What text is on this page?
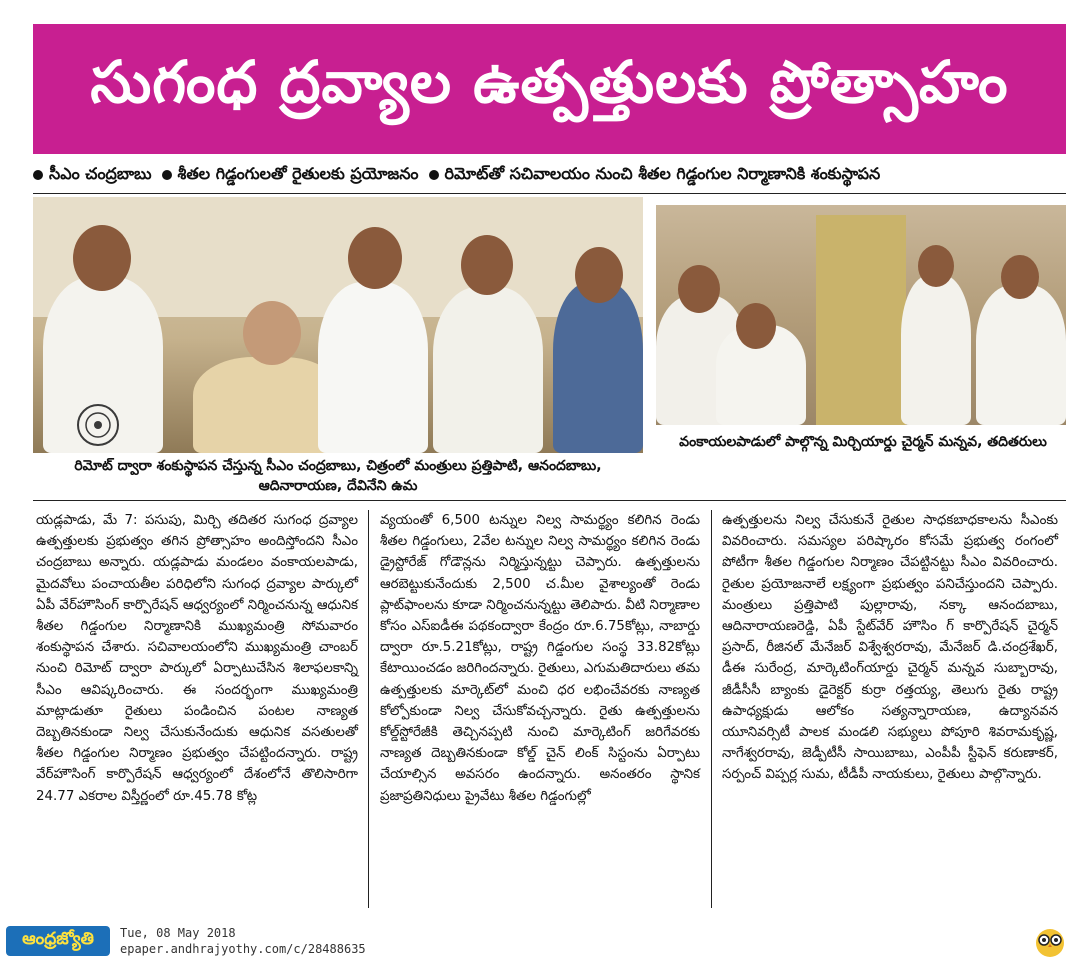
సుగంధ ద్రవ్యాల ఉత్పత్తులకు ప్రోత్సాహం
సీఎం చంద్రబాబు శీతల గిడ్డంగులతో రైతులకు ప్రయోజనం రిమోట్‌తో సచివాలయం నుంచి శీతల గిడ్డంగుల నిర్మాణానికి శంకుస్థాపన
రిమోట్ ద్వారా శంకుస్థాపన చేస్తున్న సీఎం చంద్రబాబు, చిత్రంలో మంత్రులు ప్రత్తిపాటి, ఆనందబాబు, ఆదినారాయణ, దేవినేని ఉమ
వంకాయలపాడులో పాల్గొన్న మిర్చియార్డు చైర్మన్ మన్నవ, తదితరులు

యడ్లపాడు, మే 7: పసుపు, మిర్చి తదితర సుగంధ ద్రవ్యాల ఉత్పత్తులకు ప్రభుత్వం తగిన ప్రోత్సాహం అందిస్తోందని సీఎం చంద్రబాబు అన్నారు. యడ్లపాడు మండలం వంకాయలపాడు, మైదవోలు పంచాయతీల పరిధిలోని సుగంధ ద్రవ్యాల పార్కులో ఏపీ వేర్‌హౌసింగ్ కార్పొరేషన్ ఆధ్వర్యంలో నిర్మించనున్న ఆధునిక శీతల గిడ్డంగుల నిర్మాణానికి ముఖ్యమంత్రి సోమవారం శంకుస్థాపన చేశారు. సచివాలయంలోని ముఖ్యమంత్రి చాంబర్ నుంచి రిమోట్ ద్వారా పార్కులో ఏర్పాటుచేసిన శిలాఫలకాన్ని సీఎం ఆవిష్కరించారు. ఈ సందర్భంగా ముఖ్యమంత్రి మాట్లాడుతూ రైతులు పండించిన పంటల నాణ్యత దెబ్బతినకుండా నిల్వ చేసుకునేందుకు ఆధునిక వసతులతో శీతల గిడ్డంగుల నిర్మాణం ప్రభుత్వం చేపట్టిందన్నారు. రాష్ట్ర వేర్‌హౌసింగ్ కార్పొరేషన్ ఆధ్వర్యంలో దేశంలోనే తొలిసారిగా 24.77 ఎకరాల విస్తీర్ణంలో రూ.45.78 కోట్ల

వ్యయంతో 6,500 టన్నుల నిల్వ సామర్థ్యం కలిగిన రెండు శీతల గిడ్డంగులు, 2వేల టన్నుల నిల్వ సామర్థ్యం కలిగిన రెండు డ్రైస్టోరేజ్ గోడౌన్లను నిర్మిస్తున్నట్టు చెప్పారు. ఉత్పత్తులను ఆరబెట్టుకునేందుకు 2,500 చ.మీల వైశాల్యంతో రెండు ప్లాట్‌ఫాంలను కూడా నిర్మించనున్నట్టు తెలిపారు. వీటి నిర్మాణాల కోసం ఎస్ఐడీఈ పథకంద్వారా కేంద్రం రూ.6.75కోట్లు, నాబార్డు ద్వారా రూ.5.21కోట్లు, రాష్ట్ర గిడ్డంగుల సంస్థ 33.82కోట్లు కేటాయించడం జరిగిందన్నారు. రైతులు, ఎగుమతిదారులు తమ ఉత్పత్తులకు మార్కెట్‌లో మంచి ధర లభించేవరకు నాణ్యత కోల్పోకుండా నిల్వ చేసుకోవచ్చన్నారు. రైతు ఉత్పత్తులను కోల్డ్‌స్టోరేజీకి తెచ్చినప్పటి నుంచి మార్కెటింగ్ జరిగేవరకు నాణ్యత దెబ్బతినకుండా కోల్డ్ చైన్ లింక్ సిస్టంను ఏర్పాటు చేయాల్సిన అవసరం ఉందన్నారు. అనంతరం స్థానిక ప్రజాప్రతినిధులు ప్రైవేటు శీతల గిడ్డంగుల్లో

ఉత్పత్తులను నిల్వ చేసుకునే రైతుల సాధకబాధకాలను సీఎంకు వివరించారు. సమస్యల పరిష్కారం కోసమే ప్రభుత్వ రంగంలో పోటీగా శీతల గిడ్డంగుల నిర్మాణం చేపట్టినట్టు సీఎం వివరించారు. రైతుల ప్రయోజనాలే లక్ష్యంగా ప్రభుత్వం పనిచేస్తుందని చెప్పారు. మంత్రులు ప్రత్తిపాటి పుల్లారావు, నక్కా ఆనందబాబు, ఆదినారాయణరెడ్డి, ఏపీ స్టేట్‌వేర్ హౌసిం గ్ కార్పొరేషన్ చైర్మన్ ప్రసాద్, రీజినల్ మేనేజర్ విశ్వేశ్వరరావు, మేనేజర్ డి.చంద్రశేఖర్, డీఈ సురేంద్ర, మార్కెటింగ్‌యార్డు చైర్మన్ మన్నవ సుబ్బారావు, జీడీసీసీ బ్యాంకు డైరెక్టర్ కుర్రా రత్తయ్య, తెలుగు రైతు రాష్ట్ర ఉపాధ్యక్షుడు ఆలోకం సత్యన్నారాయణ, ఉద్యానవన యూనివర్సిటీ పాలక మండలి సభ్యులు పోపూరి శివరామకృష్ణ, నాగేశ్వరరావు, జెడ్పీటీసీ సాయిబాబు, ఎంపీపీ స్టీఫెన్ కరుణాకర్, సర్పంచ్ విప్పర్ల సుమ, టీడీపీ నాయకులు, రైతులు పాల్గొన్నారు.

ఆంధ్రజ్యోతి	Tue, 08 May 2018
epaper.andhrajyothy.com/c/28488635
